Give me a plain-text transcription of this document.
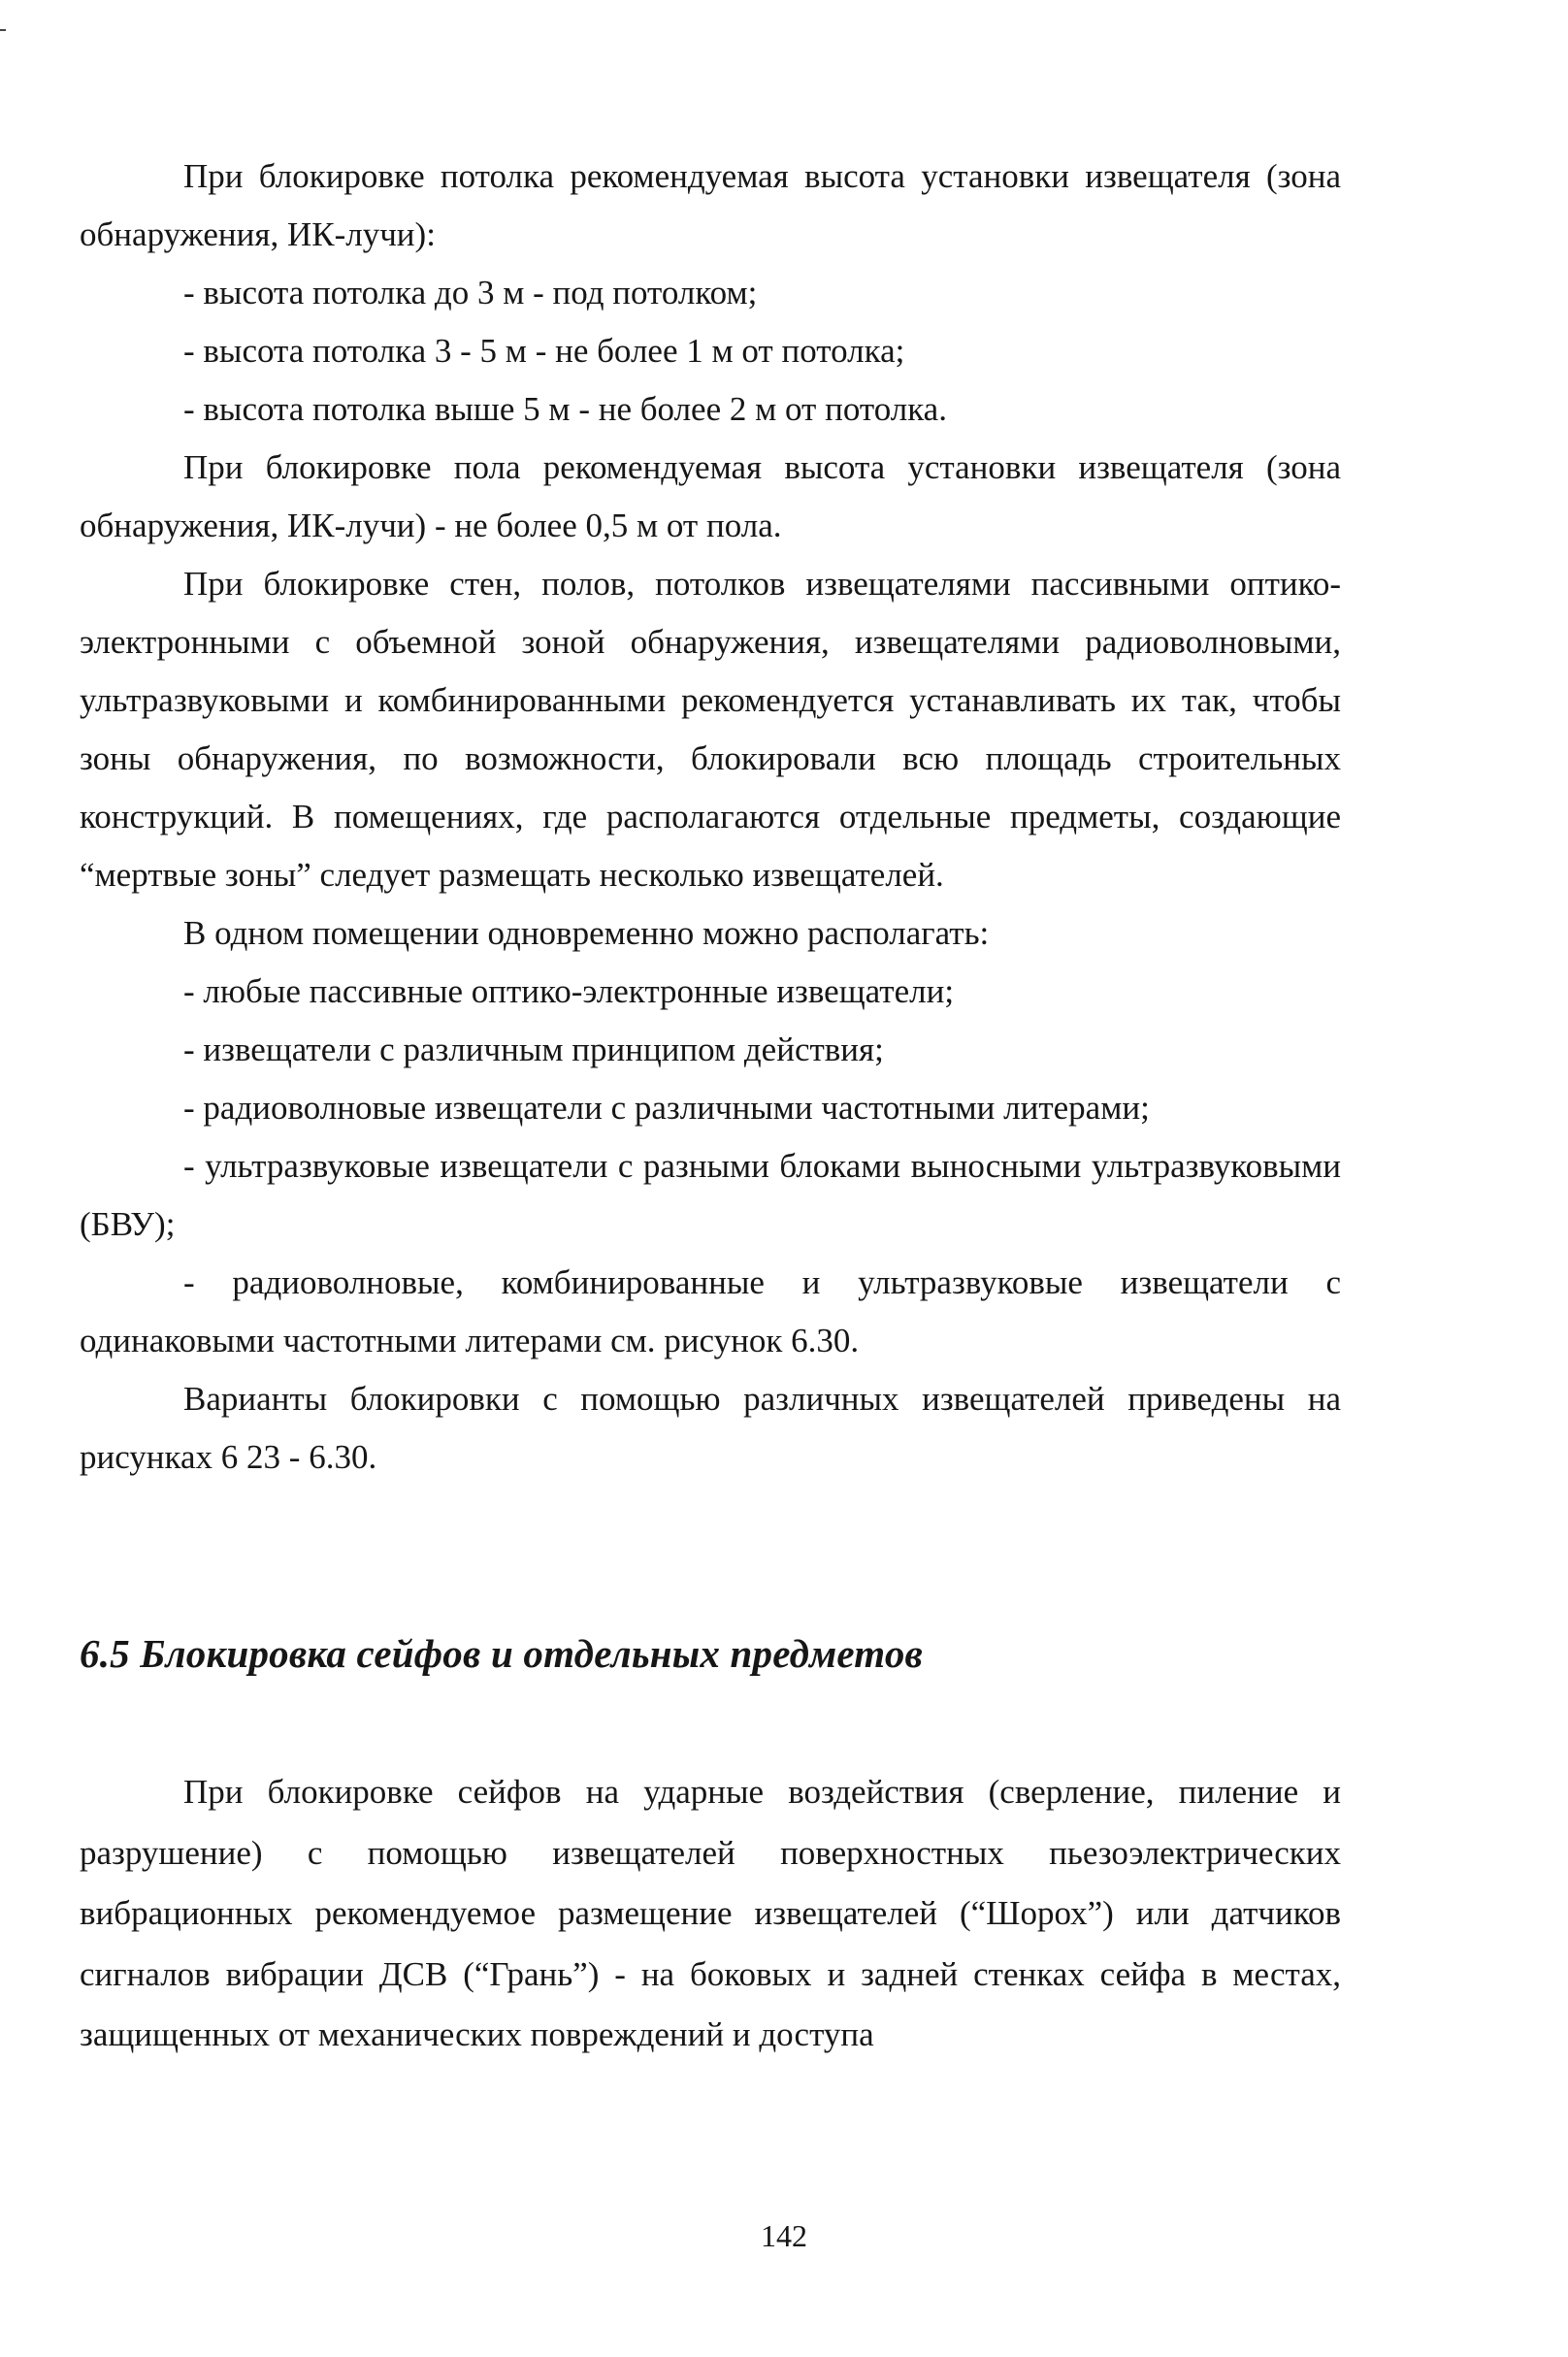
При блокировке потолка рекомендуемая высота установки извещателя (зона обнаружения, ИК-лучи):

- высота потолка до 3 м - под потолком;

- высота потолка 3 - 5 м - не более 1 м от потолка;

- высота потолка выше 5 м - не более 2 м от потолка.

При блокировке пола рекомендуемая высота установки извещателя (зона обнаружения, ИК-лучи) - не более 0,5 м от пола.

При блокировке стен, полов, потолков извещателями пассивными оптико-электронными с объемной зоной обнаружения, извещателями радиоволновыми, ультразвуковыми и комбинированными рекомендуется устанавливать их так, чтобы зоны обнаружения, по возможности, блокировали всю площадь строительных конструкций. В помещениях, где располагаются отдельные предметы, создающие “мертвые зоны” следует размещать несколько извещателей.

В одном помещении одновременно можно располагать:

- любые пассивные оптико-электронные извещатели;

- извещатели с различным принципом действия;

- радиоволновые извещатели с различными частотными литерами;

- ультразвуковые извещатели с разными блоками выносными ультразвуковыми (БВУ);

- радиоволновые, комбинированные и ультразвуковые извещатели с одинаковыми частотными литерами см. рисунок 6.30.

Варианты блокировки с помощью различных извещателей приведены на рисунках 6 23 - 6.30.

6.5 Блокировка сейфов и отдельных предметов

При блокировке сейфов на ударные воздействия (сверление, пиление и разрушение) с помощью извещателей поверхностных пьезоэлектрических вибрационных рекомендуемое размещение извещателей (“Шорох”) или датчиков сигналов вибрации ДСВ (“Грань”) - на боковых и задней стенках сейфа в местах, защищенных от механических повреждений и доступа

142
